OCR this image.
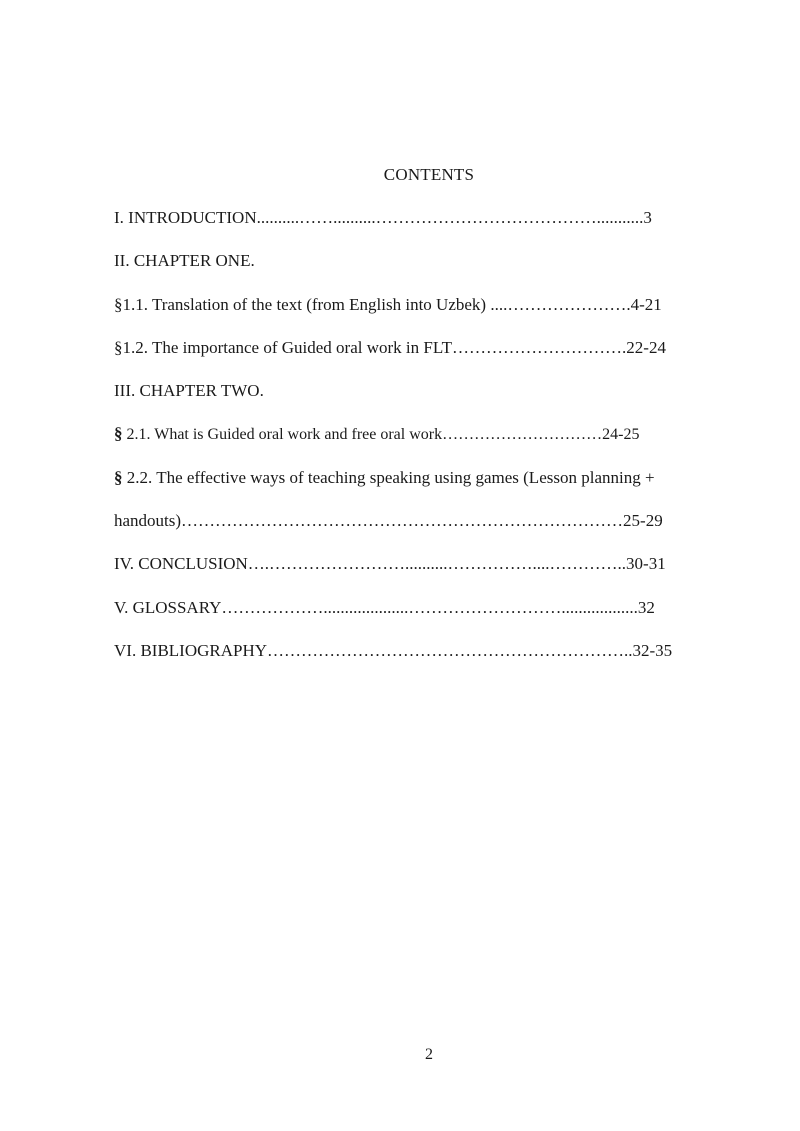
CONTENTS
I. INTRODUCTION..........……..........…………………………………...........3
II. CHAPTER ONE.
§1.1. Translation of the text (from English into Uzbek) ....………………….4-21
§1.2. The importance of Guided oral work in FLT………………………….22-24
III. CHAPTER TWO.
§ 2.1. What is Guided oral work and free oral work…………………………24-25
§ 2.2. The effective ways of teaching speaking using games (Lesson planning +
handouts)……………………………………………………………………25-29
IV. CONCLUSION….……………………..........……………....…………..30-31
V. GLOSSARY………………....................………………………..................32
VI. BIBLIOGRAPHY………………………………………………………..32-35
2
